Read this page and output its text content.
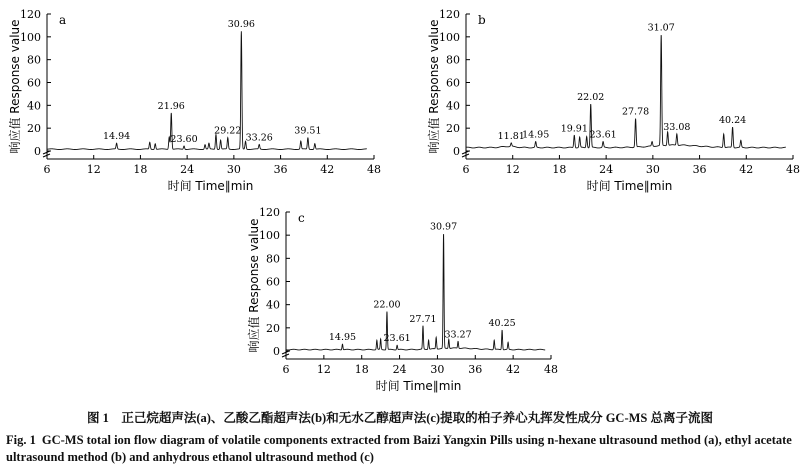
0
20
40
60
80
100
120
6	12	18	24	30	36	42	48
时间 Time∥min
响应值 Response value	a
14.94
21.96
23.60
29.22
30.96
33.26
39.51
0
20
40
60
80
100
120
6	12	18	24	30	36	42	48
时间 Time∥min
响应值 Response value	b
11.81
14.95
19.91
22.02
23.61
27.78
31.07
33.08
40.24
0
20
40
60
80
100
120
6 12 18 24 30 36 42 48
时间 Time∥min
响应值 Response value
c
14.95
22.00
23.61
27.71
30.97
33.27
40.25
图 1　正己烷超声法(a)、乙酸乙酯超声法(b)和无水乙醇超声法(c)提取的柏子养心丸挥发性成分 GC-MS 总离子流图
Fig. 1 GC-MS total ion flow diagram of volatile components extracted from Baizi Yangxin Pills using n-hexane ultrasound method (a), ethyl acetate ultrasound method (b) and anhydrous ethanol ultrasound method (c)
